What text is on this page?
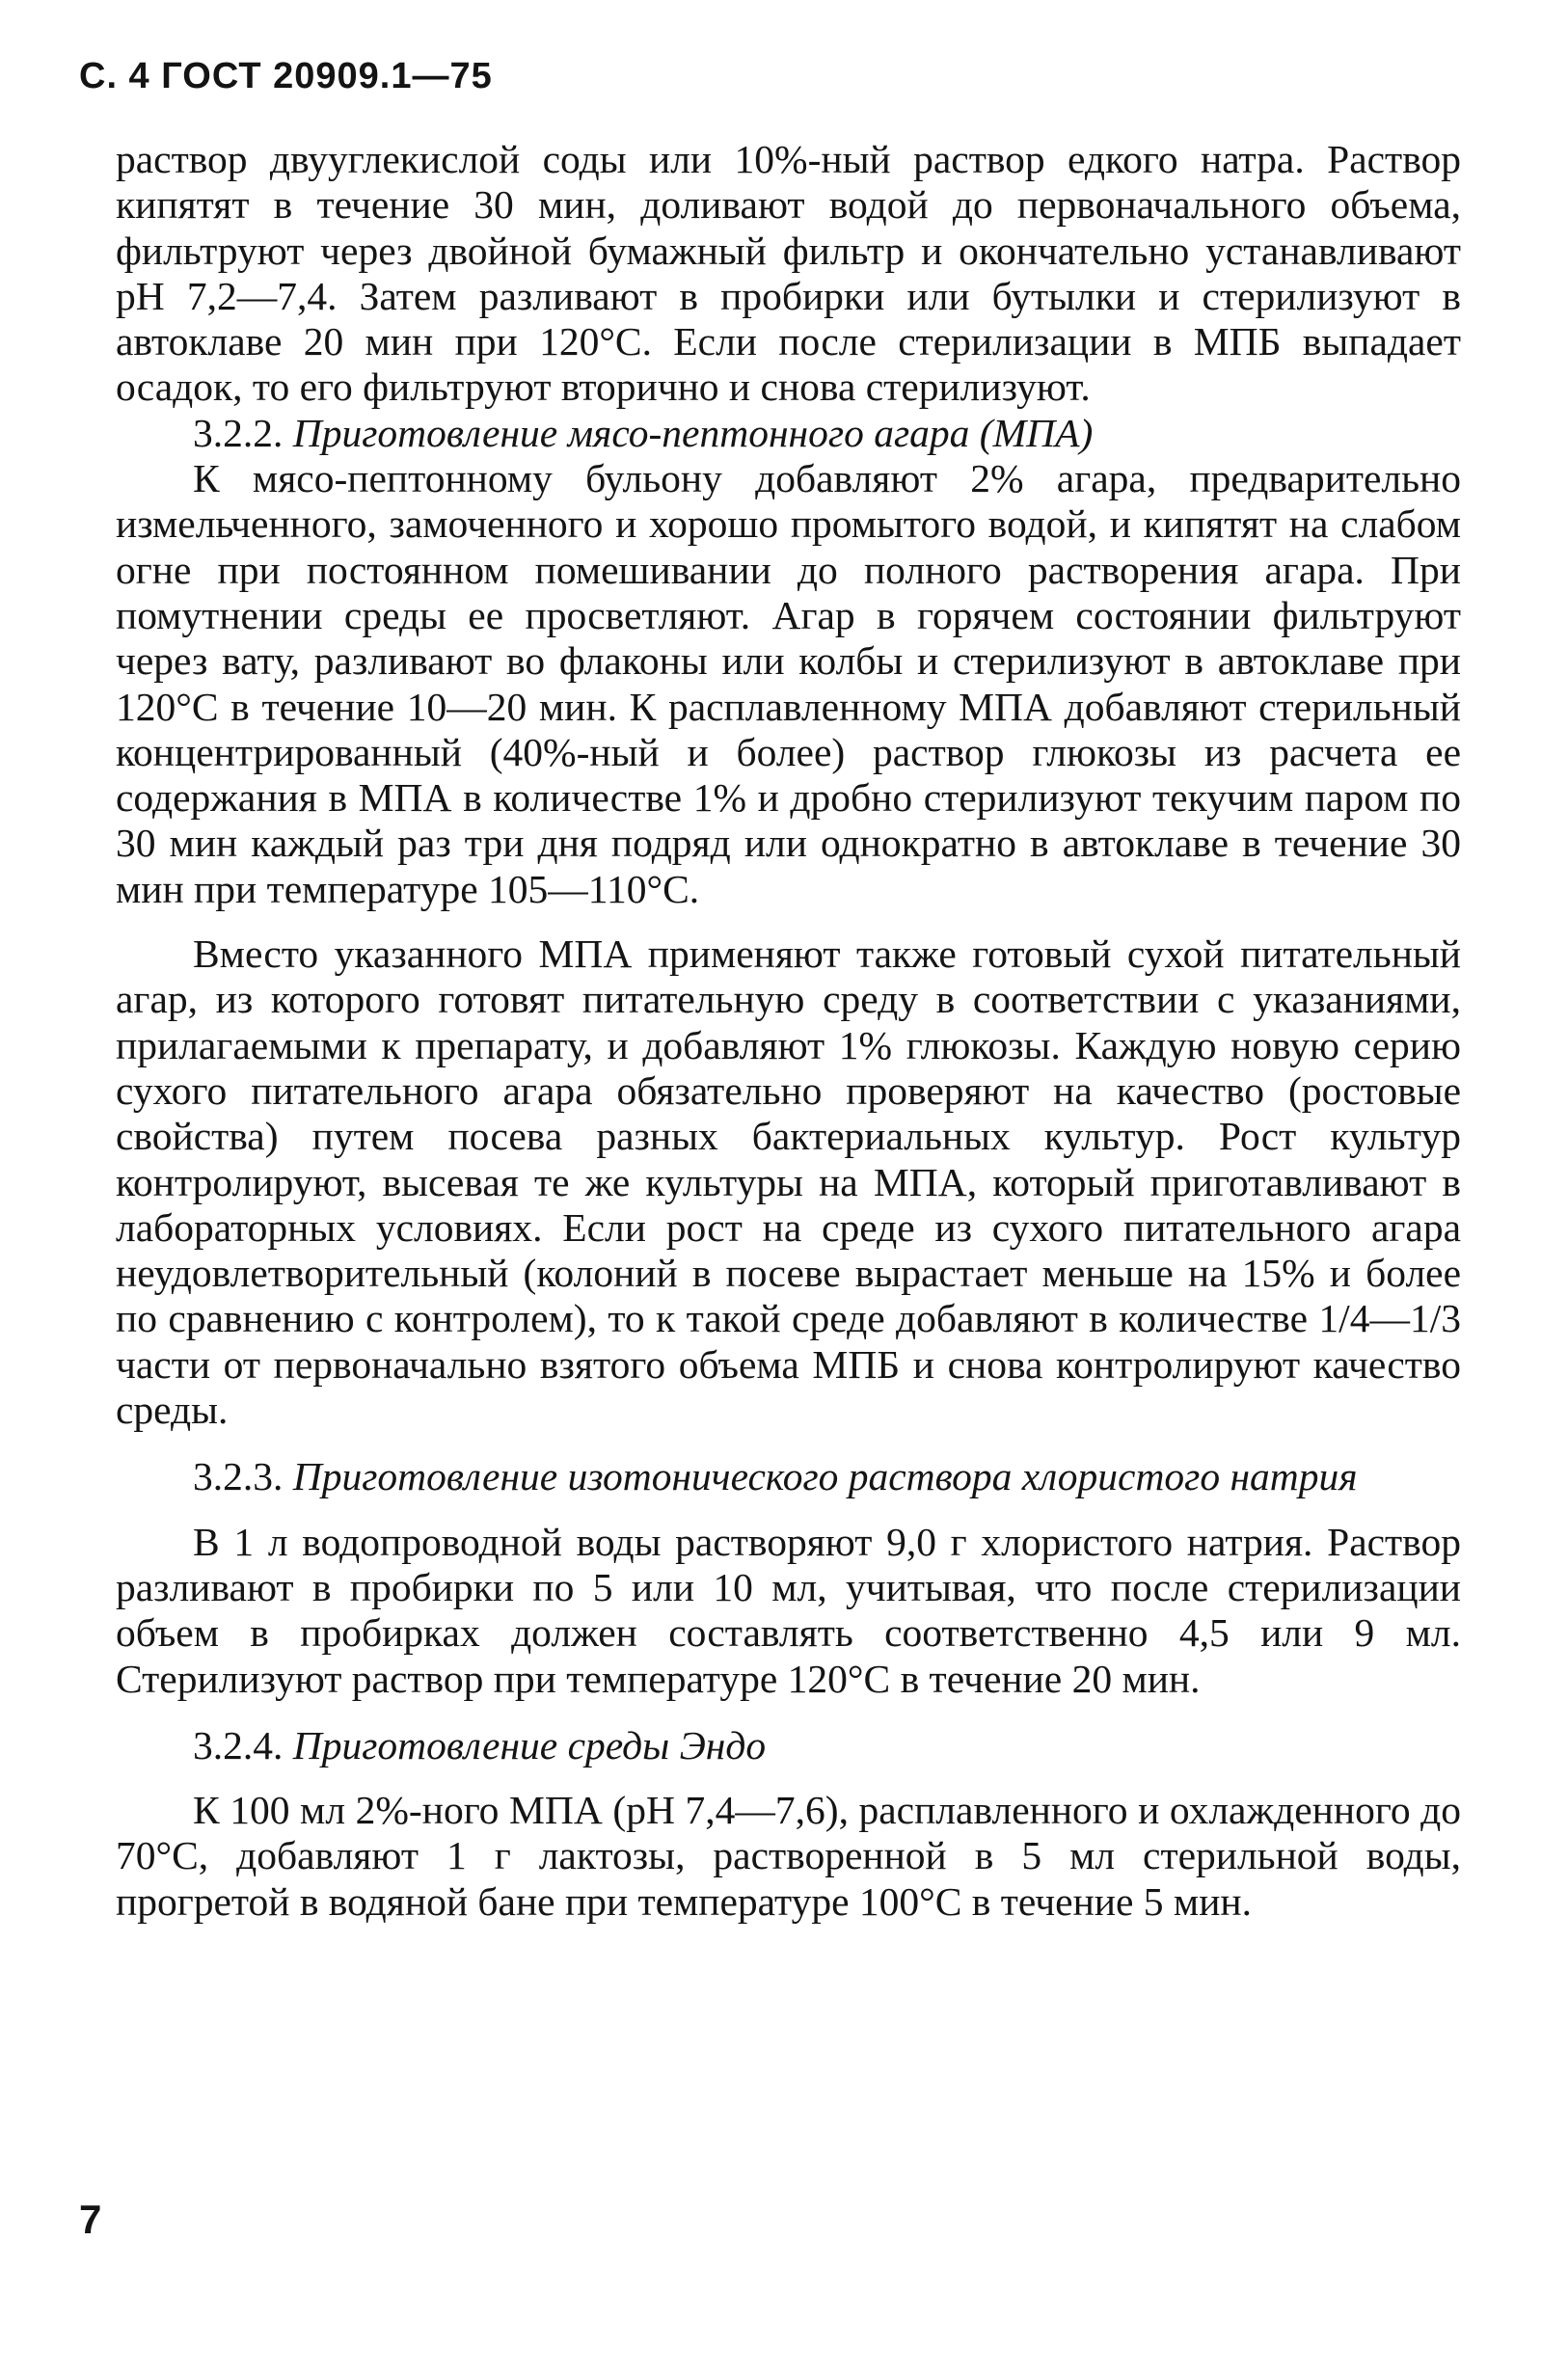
С. 4 ГОСТ 20909.1—75

раствор двууглекислой соды или 10%-ный раствор едкого натра. Раствор кипятят в течение 30 мин, доливают водой до первоначального объема, фильтруют через двойной бумажный фильтр и окончательно устанавливают pH 7,2—7,4. Затем разливают в пробирки или бутылки и стерилизуют в автоклаве 20 мин при 120°С. Если после стерилизации в МПБ выпадает осадок, то его фильтруют вторично и снова стерилизуют.

3.2.2. Приготовление мясо-пептонного агара (МПА)

К мясо-пептонному бульону добавляют 2% агара, предварительно измельченного, замоченного и хорошо промытого водой, и кипятят на слабом огне при постоянном помешивании до полного растворения агара. При помутнении среды ее просветляют. Агар в горячем состоянии фильтруют через вату, разливают во флаконы или колбы и стерилизуют в автоклаве при 120°С в течение 10—20 мин. К расплавленному МПА добавляют стерильный концентрированный (40%-ный и более) раствор глюкозы из расчета ее содержания в МПА в количестве 1% и дробно стерилизуют текучим паром по 30 мин каждый раз три дня подряд или однократно в автоклаве в течение 30 мин при температуре 105—110°С.

Вместо указанного МПА применяют также готовый сухой питательный агар, из которого готовят питательную среду в соответствии с указаниями, прилагаемыми к препарату, и добавляют 1% глюкозы. Каждую новую серию сухого питательного агара обязательно проверяют на качество (ростовые свойства) путем посева разных бактериальных культур. Рост культур контролируют, высевая те же культуры на МПА, который приготавливают в лабораторных условиях. Если рост на среде из сухого питательного агара неудовлетворительный (колоний в посеве вырастает меньше на 15% и более по сравнению с контролем), то к такой среде добавляют в количестве 1/4—1/3 части от первоначально взятого объема МПБ и снова контролируют качество среды.

3.2.3. Приготовление изотонического раствора хлористого натрия

В 1 л водопроводной воды растворяют 9,0 г хлористого натрия. Раствор разливают в пробирки по 5 или 10 мл, учитывая, что после стерилизации объем в пробирках должен составлять соответственно 4,5 или 9 мл. Стерилизуют раствор при температуре 120°С в течение 20 мин.

3.2.4. Приготовление среды Эндо

К 100 мл 2%-ного МПА (pH 7,4—7,6), расплавленного и охлажденного до 70°С, добавляют 1 г лактозы, растворенной в 5 мл стерильной воды, прогретой в водяной бане при температуре 100°С в течение 5 мин.

7
